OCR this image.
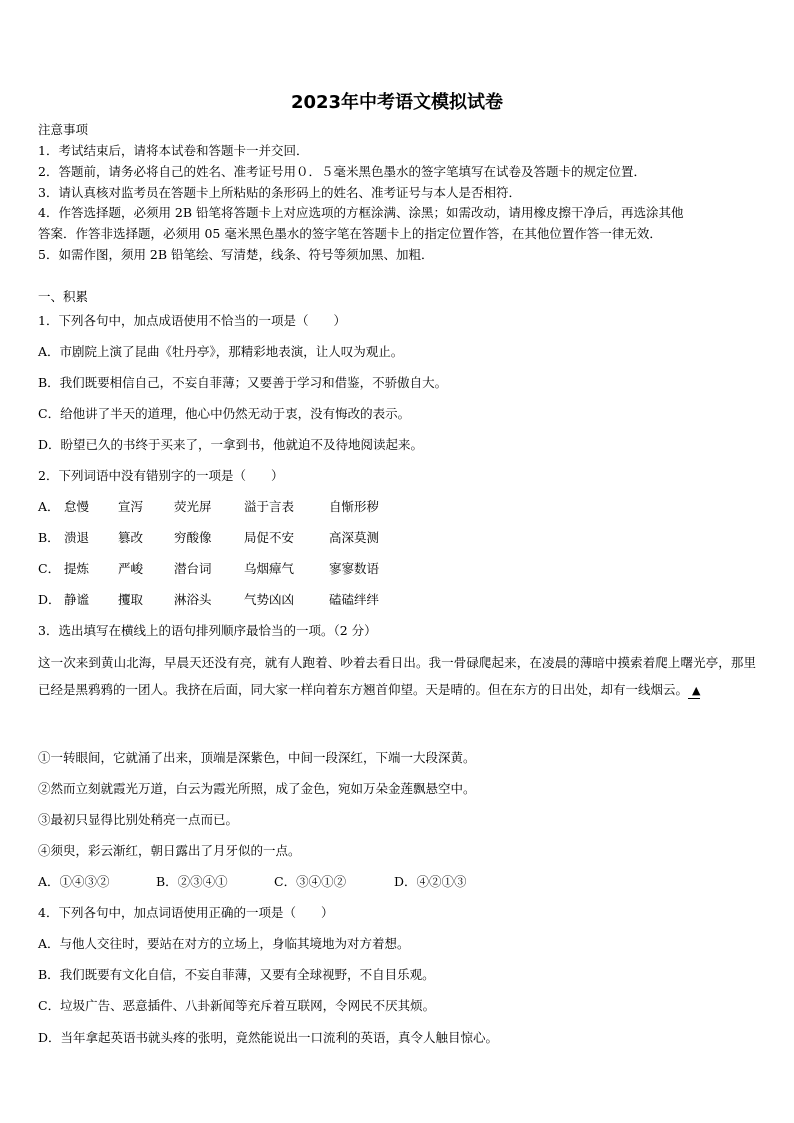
2023年中考语文模拟试卷
注意事项
1．考试结束后，请将本试卷和答题卡一并交回．
2．答题前，请务必将自己的姓名、准考证号用０．５毫米黑色墨水的签字笔填写在试卷及答题卡的规定位置．
3．请认真核对监考员在答题卡上所粘贴的条形码上的姓名、准考证号与本人是否相符．
4．作答选择题，必须用 2B 铅笔将答题卡上对应选项的方框涂满、涂黑；如需改动，请用橡皮擦干净后，再选涂其他
答案．作答非选择题，必须用 05 毫米黑色墨水的签字笔在答题卡上的指定位置作答，在其他位置作答一律无效．
5．如需作图，须用 2B 铅笔绘、写清楚，线条、符号等须加黑、加粗．
一、积累
1．下列各句中，加点成语使用不恰当的一项是（　　）
A．市剧院上演了昆曲《牡丹亭》，那精彩地表演，让人叹为观止。
B．我们既要相信自己，不妄自菲薄；又要善于学习和借鉴，不骄傲自大。
C．给他讲了半天的道理，他心中仍然无动于衷，没有悔改的表示。
D．盼望已久的书终于买来了，一拿到书，他就迫不及待地阅读起来。
2．下列词语中没有错别字的一项是（　　）
A． 怠慢 宣泻 荧光屏	溢于言表	自惭形秽
B． 溃退 篡改 穷酸像	局促不安	高深莫测
C． 提炼 严峻 潜台词	乌烟瘴气	寥寥数语
D． 静谧 攫取 淋浴头	气势凶凶	磕磕绊绊
3．选出填写在横线上的语句排列顺序最恰当的一项。（2 分）
这一次来到黄山北海，早晨天还没有亮，就有人跑着、吵着去看日出。我一骨碌爬起来，在凌晨的薄暗中摸索着爬上曙光亭，那里已经是黑鸦鸦的一团人。我挤在后面，同大家一样向着东方翘首仰望。天是晴的。但在东方的日出处，却有一线烟云。 ▲
①一转眼间，它就涌了出来，顶端是深紫色，中间一段深红，下端一大段深黄。
②然而立刻就霞光万道，白云为霞光所照，成了金色，宛如万朵金莲飘悬空中。
③最初只显得比别处稍亮一点而已。
④须臾，彩云渐红，朝日露出了月牙似的一点。
A．①④③②	B．②③④①	C．③④①②	D．④②①③
4．下列各句中，加点词语使用正确的一项是（　　）
A．与他人交往时，要站在对方的立场上，身临其境地为对方着想。
B．我们既要有文化自信，不妄自菲薄，又要有全球视野，不自目乐观。
C．垃圾广告、恶意插件、八卦新闻等充斥着互联网，令网民不厌其烦。
D．当年拿起英语书就头疼的张明，竟然能说出一口流利的英语，真令人触目惊心。
